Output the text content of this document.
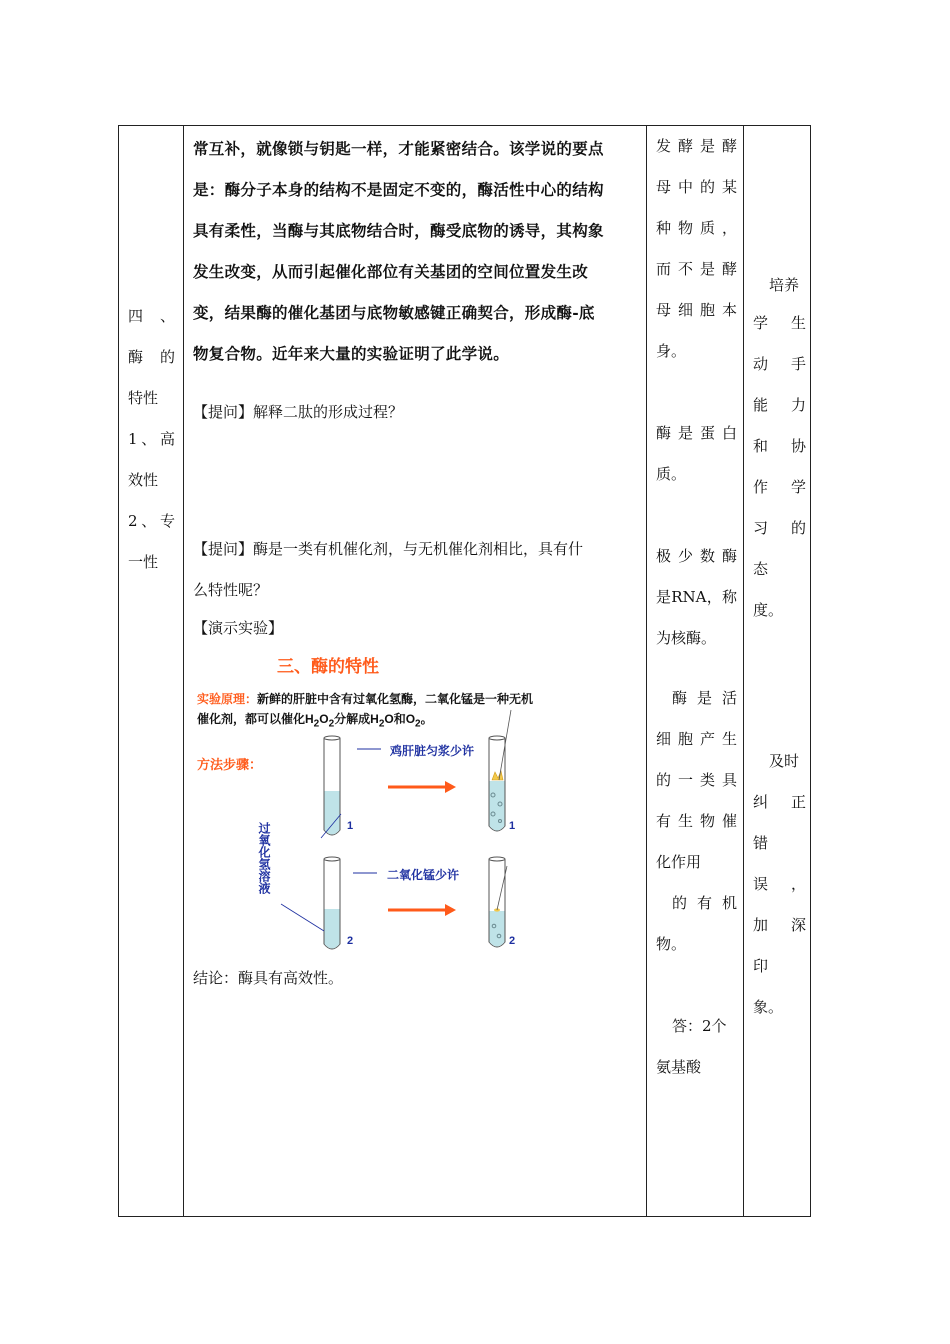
四　、
酶　的
特性
1、高
效性
2、专
一性

常互补，就像锁与钥匙一样，才能紧密结合。该学说的要点
是：酶分子本身的结构不是固定不变的，酶活性中心的结构
具有柔性，当酶与其底物结合时，酶受底物的诱导，其构象
发生改变，从而引起催化部位有关基团的空间位置发生改
变，结果酶的催化基团与底物敏感键正确契合，形成酶-底
物复合物。近年来大量的实验证明了此学说。

【提问】解释二肽的形成过程？

【提问】酶是一类有机催化剂，与无机催化剂相比，具有什
么特性呢？

【演示实验】

三、酶的特性
实验原理：新鲜的肝脏中含有过氧化氢酶，二氧化锰是一种无机
催化剂，都可以催化$H_2O_2$分解成$H_2O$和$O_2$。
方法步骤：
鸡肝脏匀浆少许
二氧化锰少许
过氧化氢溶液	1	1
2	2

结论：酶具有高效性。

发酵是酵
母中的某
种物质，
而不是酵
母细胞本
身。
酶是蛋白
质。
极少数酶
是RNA，称
为核酶。
酶是活
细胞产生
的一类具
有生物催
化作用
的有机
物。
答：2个
氨基酸
培养
学　生
动　手
能　力
和　协
作　学
习　的
态
度。
及时
纠　正
错
误　，
加　深
印
象。
